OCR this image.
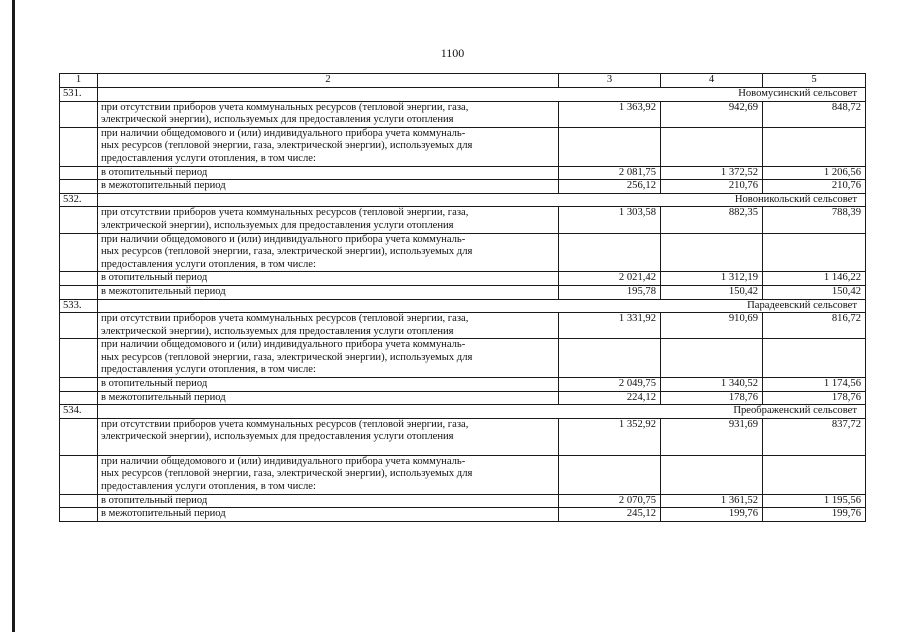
1100
1	2	3	4	5
531.	Новомусинский сельсовет			

	при отсутствии приборов учета коммунальных ресурсов (тепловой энергии, газа,
электрической энергии), используемых для предоставления услуги отопления	1 363,92	942,69	848,72

	при наличии общедомового и (или) индивидуального прибора учета коммуналь-
ных ресурсов (тепловой энергии, газа, электрической энергии), используемых для
предоставления услуги отопления, в том числе:			

	в отопительный период	2 081,75	1 372,52	1 206,56

	в межотопительный период	256,12	210,76	210,76
532.	Новоникольский сельсовет			

	при отсутствии приборов учета коммунальных ресурсов (тепловой энергии, газа,
электрической энергии), используемых для предоставления услуги отопления	1 303,58	882,35	788,39

	при наличии общедомового и (или) индивидуального прибора учета коммуналь-
ных ресурсов (тепловой энергии, газа, электрической энергии), используемых для
предоставления услуги отопления, в том числе:			

	в отопительный период	2 021,42	1 312,19	1 146,22

	в межотопительный период	195,78	150,42	150,42
533.	Парадеевский сельсовет			

	при отсутствии приборов учета коммунальных ресурсов (тепловой энергии, газа,
электрической энергии), используемых для предоставления услуги отопления	1 331,92	910,69	816,72

	при наличии общедомового и (или) индивидуального прибора учета коммуналь-
ных ресурсов (тепловой энергии, газа, электрической энергии), используемых для
предоставления услуги отопления, в том числе:			

	в отопительный период	2 049,75	1 340,52	1 174,56

	в межотопительный период	224,12	178,76	178,76
534.	Преображенский сельсовет			

	при отсутствии приборов учета коммунальных ресурсов (тепловой энергии, газа,
электрической энергии), используемых для предоставления услуги отопления	1 352,92	931,69	837,72

	при наличии общедомового и (или) индивидуального прибора учета коммуналь-
ных ресурсов (тепловой энергии, газа, электрической энергии), используемых для
предоставления услуги отопления, в том числе:			

	в отопительный период	2 070,75	1 361,52	1 195,56

	в межотопительный период	245,12	199,76	199,76
